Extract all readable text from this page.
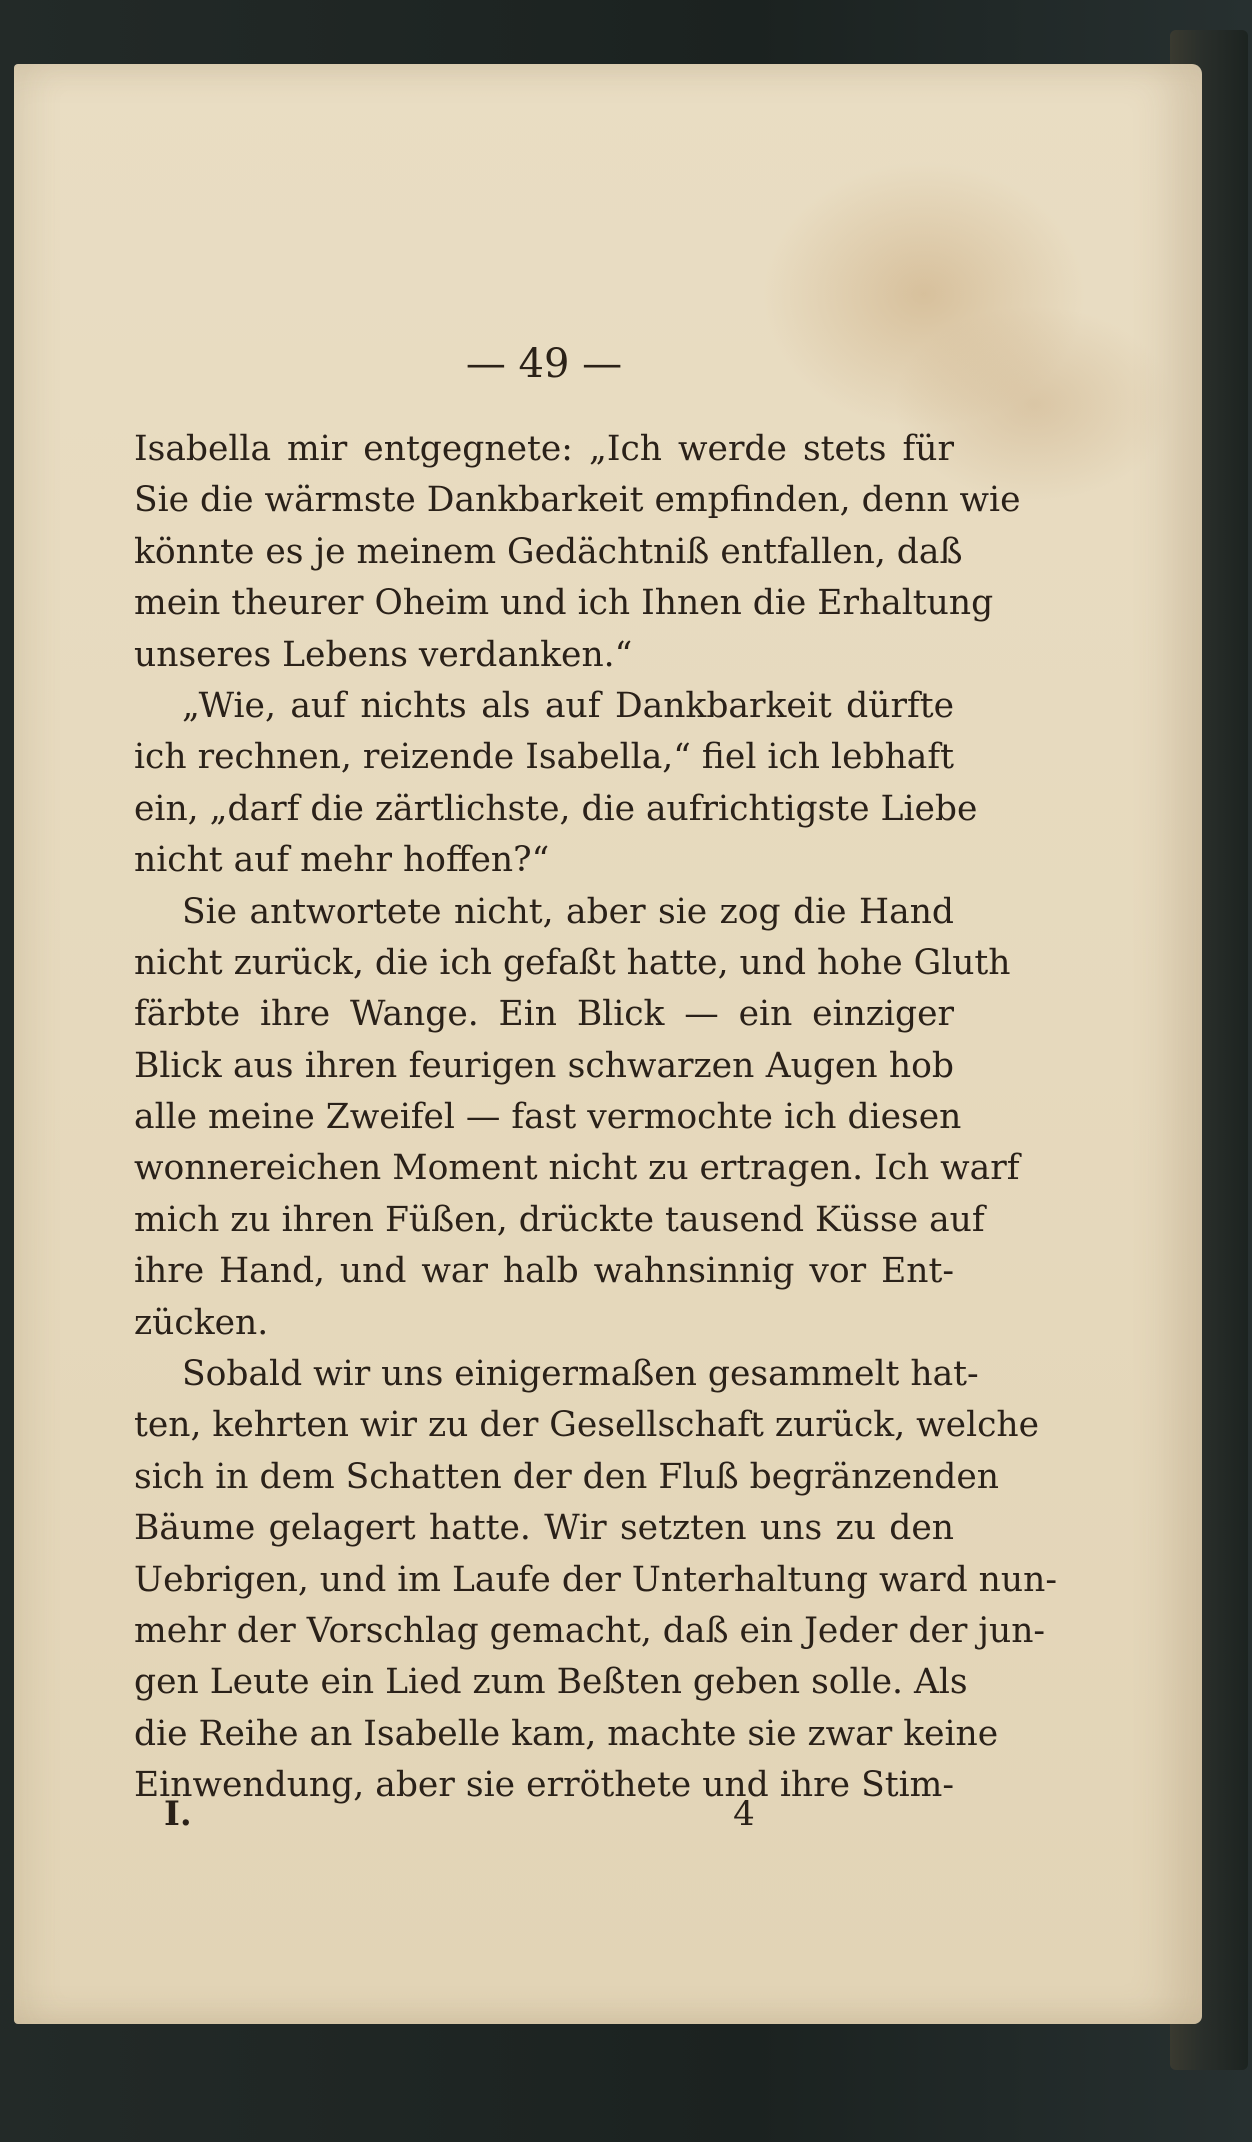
— 49 —
Isabella mir entgegnete: „Ich werde stets für
Sie die wärmste Dankbarkeit empfinden, denn wie
könnte es je meinem Gedächtniß entfallen, daß
mein theurer Oheim und ich Ihnen die Erhaltung
unseres Lebens verdanken.“
„Wie, auf nichts als auf Dankbarkeit dürfte
ich rechnen, reizende Isabella,“ fiel ich lebhaft
ein, „darf die zärtlichste, die aufrichtigste Liebe
nicht auf mehr hoffen?“
Sie antwortete nicht, aber sie zog die Hand
nicht zurück, die ich gefaßt hatte, und hohe Gluth
färbte ihre Wange. Ein Blick — ein einziger
Blick aus ihren feurigen schwarzen Augen hob
alle meine Zweifel — fast vermochte ich diesen
wonnereichen Moment nicht zu ertragen. Ich warf
mich zu ihren Füßen, drückte tausend Küsse auf
ihre Hand, und war halb wahnsinnig vor Ent-
zücken.
Sobald wir uns einigermaßen gesammelt hat-
ten, kehrten wir zu der Gesellschaft zurück, welche
sich in dem Schatten der den Fluß begränzenden
Bäume gelagert hatte. Wir setzten uns zu den
Uebrigen, und im Laufe der Unterhaltung ward nun-
mehr der Vorschlag gemacht, daß ein Jeder der jun-
gen Leute ein Lied zum Beßten geben solle. Als
die Reihe an Isabelle kam, machte sie zwar keine
Einwendung, aber sie erröthete und ihre Stim-
I.	4
